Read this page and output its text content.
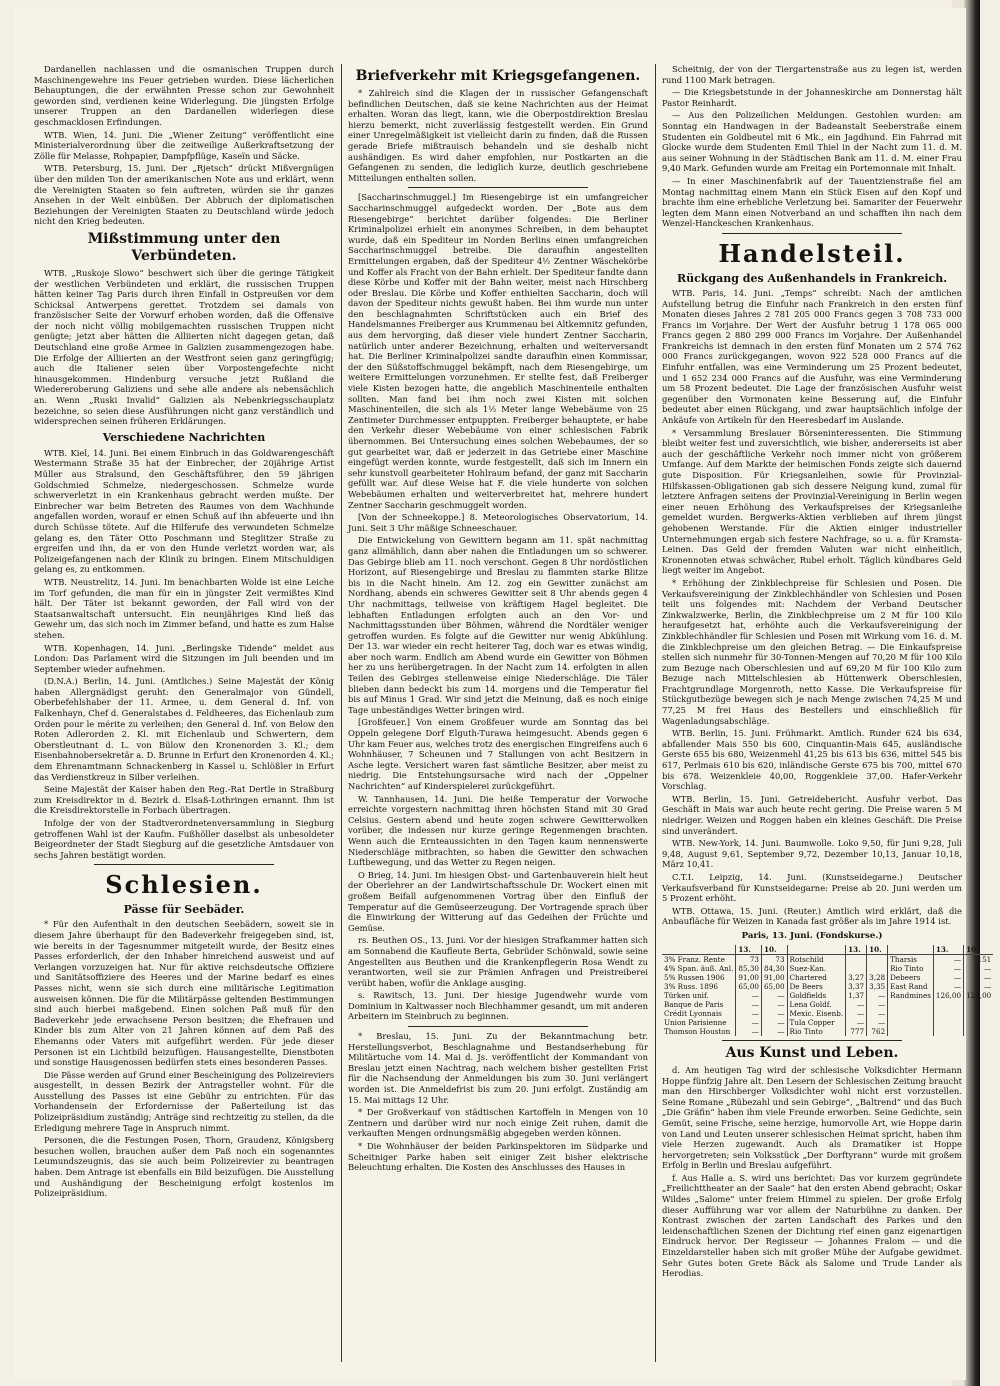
Dardanellen nachlassen und die osmanischen Truppen durch Maschinengewehre ins Feuer getrieben wurden. Diese lächerlichen Behauptungen, die der erwähnten Presse schon zur Gewohnheit geworden sind, verdienen keine Widerlegung. Die jüngsten Erfolge unserer Truppen an den Dardanellen widerlegen diese geschmacklosen Erfindungen.

WTB. Wien, 14. Juni. Die „Wiener Zeitung“ veröffentlicht eine Ministerialverordnung über die zeitweilige Außerkraftsetzung der Zölle für Melasse, Rohpapier, Dampfpflüge, Kaseïn und Säcke.

WTB. Petersburg, 15. Juni. Der „Rjetsch“ drückt Mißvergnügen über den milden Ton der amerikanischen Note aus und erklärt, wenn die Vereinigten Staaten so fein auftreten, würden sie ihr ganzes Ansehen in der Welt einbüßen. Der Abbruch der diplomatischen Beziehungen der Vereinigten Staaten zu Deutschland würde jedoch nicht den Krieg bedeuten.

Mißstimmung unter den Verbündeten.

WTB. „Ruskoje Slowo“ beschwert sich über die geringe Tätigkeit der westlichen Verbündeten und erklärt, die russischen Truppen hätten keiner Tag Paris durch ihren Einfall in Ostpreußen vor dem Schicksal Antwerpens gerettet. Trotzdem sei damals von französischer Seite der Vorwurf erhoben worden, daß die Offensive der noch nicht völlig mobilgemachten russischen Truppen nicht genügte; jetzt aber hätten die Alliierten nicht dagegen getan, daß Deutschland eine große Armee in Galizien zusammengezogen habe. Die Erfolge der Alliierten an der Westfront seien ganz geringfügig; auch die Italiener seien über Vorpostengefechte nicht hinausgekommen. Hindenburg versuche jetzt Rußland die Wiedereroberung Galiziens und sehe alle andere als nebensächlich an. Wenn „Ruski Invalid“ Galizien als Nebenkriegsschauplatz bezeichne, so seien diese Ausführungen nicht ganz verständlich und widersprechen seinen früheren Erklärungen.

Verschiedene Nachrichten

WTB. Kiel, 14. Juni. Bei einem Einbruch in das Goldwarengeschäft Westermann Straße 35 hat der Einbrecher, der 20jährige Artist Müller aus Stralsund, den Geschäftsführer, den 59 jährigen Goldschmied Schmelze, niedergeschossen. Schmelze wurde schwerverletzt in ein Krankenhaus gebracht werden mußte. Der Einbrecher war beim Betreten des Raumes von dem Wachhunde angefallen worden, worauf er einen Schuß auf ihn abfeuerte und ihn durch Schüsse tötete. Auf die Hilferufe des verwundeten Schmelze gelang es, den Täter Otto Poschmann und Steglitzer Straße zu ergreifen und ihn, da er von den Hunde verletzt worden war, als Polizeigefangenen nach der Klinik zu bringen. Einem Mitschuldigen gelang es, zu entkommen.

WTB. Neustrelitz, 14. Juni. Im benachbarten Wolde ist eine Leiche im Torf gefunden, die man für ein in jüngster Zeit vermißtes Kind hält. Der Täter ist bekannt geworden, der Fall wird von der Staatsanwaltschaft untersucht. Ein neunjähriges Kind ließ das Gewehr um, das sich noch im Zimmer befand, und hatte es zum Halse stehen.

WTB. Kopenhagen, 14. Juni. „Berlingske Tidende“ meldet aus London: Das Parlament wird die Sitzungen im Juli beenden und im September wieder aufnehmen.

(D.N.A.) Berlin, 14. Juni. (Amtliches.) Seine Majestät der König haben Allergnädigst geruht: den Generalmajor von Gündell, Oberbefehlshaber der 11. Armee, u. dem General d. Inf. von Falkenhayn, Chef d. Generalstabes d. Feldheeres, das Eichenlaub zum Orden pour le mérite zu verleihen; den General d. Inf. von Below den Roten Adlerorden 2. Kl. mit Eichenlaub und Schwertern, dem Oberstleutnant d. L. von Bülow den Kronenorden 3. Kl.; dem Eisenbahnobersekretär a. D. Brunne in Erfurt den Kronenorden 4. Kl.; dem Ehrenamtmann Schnackenberg in Kassel u. Schlößler in Erfurt das Verdienstkreuz in Silber verleihen.

Seine Majestät der Kaiser haben den Reg.-Rat Dertle in Straßburg zum Kreisdirektor in d. Bezirk d. Elsaß-Lothringen ernannt. Ihm ist die Kreisdirektorstelle in Forbach übertragen.

Infolge der von der Stadtverordnetenversammlung in Siegburg getroffenen Wahl ist der Kaufm. Fußhöller daselbst als unbesoldeter Beigeordneter der Stadt Siegburg auf die gesetzliche Amtsdauer von sechs Jahren bestätigt worden.

Schlesien.
Pässe für Seebäder.

* Für den Aufenthalt in den deutschen Seebädern, soweit sie in diesem Jahre überhaupt für den Badeverkehr freigegeben sind, ist, wie bereits in der Tagesnummer mitgeteilt wurde, der Besitz eines Passes erforderlich, der den Inhaber hinreichend ausweist und auf Verlangen vorzuzeigen hat. Nur für aktive reichsdeutsche Offiziere und Sanitätsoffiziere des Heeres und der Marine bedarf es eines Passes nicht, wenn sie sich durch eine militärische Legitimation ausweisen können. Die für die Militärpässe geltenden Bestimmungen sind auch hierbei maßgebend. Einen solchen Paß muß für den Badeverkehr jede erwachsene Person besitzen; die Ehefrauen und Kinder bis zum Alter von 21 Jahren können auf dem Paß des Ehemanns oder Vaters mit aufgeführt werden. Für jede dieser Personen ist ein Lichtbild beizufügen. Hausangestellte, Dienstboten und sonstige Hausgenossen bedürfen stets eines besonderen Passes.

Die Pässe werden auf Grund einer Bescheinigung des Polizeireviers ausgestellt, in dessen Bezirk der Antragsteller wohnt. Für die Ausstellung des Passes ist eine Gebühr zu entrichten. Für das Vorhandensein der Erfordernisse der Paßerteilung ist das Polizeipräsidium zuständig; Anträge sind rechtzeitig zu stellen, da die Erledigung mehrere Tage in Anspruch nimmt.

Personen, die die Festungen Posen, Thorn, Graudenz, Königsberg besuchen wollen, brauchen außer dem Paß noch ein sogenanntes Leumundszeugnis, das sie auch beim Polizeirevier zu beantragen haben. Dem Antrage ist ebenfalls ein Bild beizufügen. Die Ausstellung und Aushändigung der Bescheinigung erfolgt kostenlos im Polizeipräsidium.

Briefverkehr mit Kriegsgefangenen.

* Zahlreich sind die Klagen der in russischer Gefangenschaft befindlichen Deutschen, daß sie keine Nachrichten aus der Heimat erhalten. Woran das liegt, kann, wie die Oberpostdirektion Breslau hierzu bemerkt, nicht zuverlässig festgestellt werden. Ein Grund einer Unregelmäßigkeit ist vielleicht darin zu finden, daß die Russen gerade Briefe mißtrauisch behandeln und sie deshalb nicht aushändigen. Es wird daher empfohlen, nur Postkarten an die Gefangenen zu senden, die lediglich kurze, deutlich geschriebene Mitteilungen enthalten sollen.

[Saccharinschmuggel.] Im Riesengebirge ist ein umfangreicher Saccharinschmuggel aufgedeckt worden. Der „Bote aus dem Riesengebirge“ berichtet darüber folgendes: Die Berliner Kriminalpolizei erhielt ein anonymes Schreiben, in dem behauptet wurde, daß ein Spediteur im Norden Berlins einen umfangreichen Saccharinschmuggel betreibe. Die daraufhin angestellten Ermittelungen ergaben, daß der Spediteur 4½ Zentner Wäschekörbe und Koffer als Fracht von der Bahn erhielt. Der Spediteur fandte dann diese Körbe und Koffer mit der Bahn weiter, meist nach Hirschberg oder Breslau. Die Körbe und Koffer enthielten Saccharin, doch will davon der Spediteur nichts gewußt haben. Bei ihm wurde nun unter den beschlagnahmten Schriftstücken auch ein Brief des Handelsmannes Freiberger aus Krummenau bei Altkemnitz gefunden, aus dem hervorging, daß dieser viele hundert Zentner Saccharin, natürlich unter anderer Bezeichnung, erhalten und weiterversandt hat. Die Berliner Kriminalpolizei sandte daraufhin einen Kommissar, der den Süßstoffschmuggel bekämpft, nach dem Riesengebirge, um weitere Ermittelungen vorzunehmen. Er stellte fest, daß Freiberger viele Kisten bezogen hatte, die angeblich Maschinenteile enthalten sollten. Man fand bei ihm noch zwei Kisten mit solchen Maschinenteilen, die sich als 1½ Meter lange Webebäume von 25 Zentimeter Durchmesser entpuppten. Freiberger behauptete, er habe den Verkehr dieser Webebäume von einer schlesischen Fabrik übernommen. Bei Untersuchung eines solchen Webebaumes, der so gut gearbeitet war, daß er jederzeit in das Getriebe einer Maschine eingefügt werden konnte, wurde festgestellt, daß sich im Innern ein sehr kunstvoll gearbeiteter Hohlraum befand, der ganz mit Saccharin gefüllt war. Auf diese Weise hat F. die viele hunderte von solchen Webebäumen erhalten und weiterverbreitet hat, mehrere hundert Zentner Saccharin geschmuggelt worden.

[Von der Schneekoppe.] 8. Meteorologisches Observatorium, 14. Juni. Seit 3 Uhr mäßige Schneeschauer.

Die Entwickelung von Gewittern begann am 11. spät nachmittag ganz allmählich, dann aber nahen die Entladungen um so schwerer. Das Gebirge blieb am 11. noch verschont. Gegen 8 Uhr nordöstlichen Horizont, auf Riesengebirge und Breslau zu flammten starke Blitze bis in die Nacht hinein. Am 12. zog ein Gewitter zunächst am Nordhang, abends ein schweres Gewitter seit 8 Uhr abends gegen 4 Uhr nachmittags, teilweise von kräftigem Hagel begleitet. Die lebhaften Entladungen erfolgten auch an den Vor- und Nachmittagsstunden über Böhmen, während die Nordtäler weniger getroffen wurden. Es folgte auf die Gewitter nur wenig Abkühlung. Der 13. war wieder ein recht heiterer Tag, doch war es etwas windig, aber noch warm. Endlich am Abend wurde ein Gewitter von Böhmen her zu uns herübergetragen. In der Nacht zum 14. erfolgten in allen Teilen des Gebirges stellenweise einige Niederschläge. Die Täler blieben dann bedeckt bis zum 14. morgens und die Temperatur fiel bis auf Minus 1 Grad. Wir sind jetzt die Meinung, daß es noch einige Tage unbeständiges Wetter bringen wird.

[Großfeuer.] Von einem Großfeuer wurde am Sonntag das bei Oppeln gelegene Dorf Elguth-Turawa heimgesucht. Abends gegen 6 Uhr kam Feuer aus, welches trotz des energischen Eingreifens auch 6 Wohnhäuser, 7 Scheunen und 7 Stallungen von acht Besitzern in Asche legte. Versichert waren fast sämtliche Besitzer, aber meist zu niedrig. Die Entstehungsursache wird nach der „Oppelner Nachrichten“ auf Kinderspielerei zurückgeführt.

W. Tannhausen, 14. Juni. Die heiße Temperatur der Vorwoche erreichte vorgestern nachmittag ihren höchsten Stand mit 30 Grad Celsius. Gestern abend und heute zogen schwere Gewitterwolken vorüber, die indessen nur kurze geringe Regenmengen brachten. Wenn auch die Ernteaussichten in den Tagen kaum nennenswerte Niederschläge mitbrachten, so haben die Gewitter den schwachen Luftbewegung, und das Wetter zu Regen neigen.

O Brieg, 14. Juni. Im hiesigen Obst- und Gartenbauverein hielt heut der Oberlehrer an der Landwirtschaftsschule Dr. Wockert einen mit großem Beifall aufgenommenen Vortrag über den Einfluß der Temperatur auf die Gemüseerzeugung. Der Vortragende sprach über die Einwirkung der Witterung auf das Gedeihen der Früchte und Gemüse.

rs. Beuthen OS., 13. Juni. Vor der hiesigen Strafkammer hatten sich am Sonnabend die Kaufleute Berta, Gebrüder Schönwald, sowie seine Angestellten aus Beuthen und die Krankenpflegerin Rosa Wendt zu verantworten, weil sie zur Prämien Anfragen und Preistreiberei verübt haben, wofür die Anklage ausging.

s. Rawitsch, 13. Juni. Der hiesige Jugendwehr wurde vom Dominium in Kaltwasser noch Blechhammer gesandt, um mit anderen Arbeitern im Steinbruch zu beginnen.

* Breslau, 15. Juni. Zu der Bekanntmachung betr. Herstellungsverbot, Beschlagnahme und Bestandserhebung für Militärtuche vom 14. Mai d. Js. veröffentlicht der Kommandant von Breslau jetzt einen Nachtrag, nach welchem bisher gestellten Frist für die Nachsendung der Anmeldungen bis zum 30. Juni verlängert worden ist. Die Anmeldefrist bis zum 20. Juni erfolgt. Zuständig am 15. Mai mittags 12 Uhr.

* Der Großverkauf von städtischen Kartoffeln in Mengen von 10 Zentnern und darüber wird nur noch einige Zeit ruhen, damit die verkauften Mengen ordnungsmäßig abgegeben werden können.

* Die Wohnhäuser der beiden Parkinspektoren im Südparke und Scheitniger Parke haben seit einiger Zeit bisher elektrische Beleuchtung erhalten. Die Kosten des Anschlusses des Hauses in

Scheitnig, der von der Tiergartenstraße aus zu legen ist, werden rund 1100 Mark betragen.

— Die Kriegsbetstunde in der Johanneskirche am Donnerstag hält Pastor Reinhardt.

— Aus den Polizeilichen Meldungen. Gestohlen wurden: am Sonntag ein Handwagen in der Badeanstalt Seeberstraße einem Studenten ein Goldbeutel mit 6 Mk., ein Jagdhund. Ein Fahrrad mit Glocke wurde dem Studenten Emil Thiel in der Nacht zum 11. d. M. aus seiner Wohnung in der Städtischen Bank am 11. d. M. einer Frau 9,40 Mark. Gefunden wurde am Freitag ein Portemonnaie mit Inhalt.

— In einer Maschinenfabrik auf der Tauentzienstraße fiel am Montag nachmittag einem Mann ein Stück Eisen auf den Kopf und brachte ihm eine erhebliche Verletzung bei. Samariter der Feuerwehr legten dem Mann einen Notverband an und schafften ihn nach dem Wenzel-Hanckeschen Krankenhaus.

Handelsteil.
Rückgang des Außenhandels in Frankreich.

WTB. Paris, 14. Juni. „Temps“ schreibt: Nach der amtlichen Aufstellung betrug die Einfuhr nach Frankreich in den ersten fünf Monaten dieses Jahres 2 781 205 000 Francs gegen 3 708 733 000 Francs im Vorjahre. Der Wert der Ausfuhr betrug 1 178 065 000 Francs gegen 2 880 299 000 Francs im Vorjahre. Der Außenhandel Frankreichs ist demnach in den ersten fünf Monaten um 2 574 762 000 Francs zurückgegangen, wovon 922 528 000 Francs auf die Einfuhr entfallen, was eine Verminderung um 25 Prozent bedeutet, und 1 652 234 000 Francs auf die Ausfuhr, was eine Verminderung um 58 Prozent bedeutet. Die Lage der französischen Ausfuhr weist gegenüber den Vormonaten keine Besserung auf, die Einfuhr bedeutet aber einen Rückgang, und zwar hauptsächlich infolge der Ankäufe von Artikeln für den Heeresbedarf im Auslande.

* Versammlung Breslauer Börseninteressenten. Die Stimmung bleibt weiter fest und zuversichtlich, wie bisher, andererseits ist aber auch der geschäftliche Verkehr noch immer nicht von größerem Umfange. Auf dem Markte der heimischen Fonds zeigte sich dauernd gute Disposition. Für Kriegsanleihen, sowie für Provinzial-Hilfskassen-Obligationen gab sich dessere Neigung kund, zumal für letztere Anfragen seitens der Provinzial-Vereinigung in Berlin wegen einer neuen Erhöhung des Verkaufspreises der Kriegsanleihe gemeldet wurden. Bergwerks-Aktien verblieben auf ihrem jüngst gehobenen Werstande. Für die Aktien einiger industrieller Unternehmungen ergab sich festere Nachfrage, so u. a. für Kramsta-Leinen. Das Geld der fremden Valuten war nicht einheitlich, Kronennoten etwas schwächer, Rubel erholt. Täglich kündbares Geld liegt weiter im Angebot.

* Erhöhung der Zinkblechpreise für Schlesien und Posen. Die Verkaufsvereinigung der Zinkblechhändler von Schlesien und Posen teilt uns folgendes mit: Nachdem der Verband Deutscher Zinkwalzwerke, Berlin, die Zinkblechpreise um 2 M für 100 Kilo heraufgesetzt hat, erhöhte auch die Verkaufsvereinigung der Zinkblechhändler für Schlesien und Posen mit Wirkung vom 16. d. M. die Zinkblechpreise um den gleichen Betrag. — Die Einkaufspreise stellen sich nunmehr für 30-Tonnen-Mengen auf 70,20 M für 100 Kilo zum Bezuge nach Oberschlesien und auf 69,20 M für 100 Kilo zum Bezuge nach Mittelschlesien ab Hüttenwerk Oberschlesien, Frachtgrundlage Morgenroth, netto Kasse. Die Verkaufspreise für Stückgutbezüge bewegen sich je nach Menge zwischen 74,25 M und 77,25 M frei Haus des Bestellers und einschließlich für Wagenladungsabschläge.

WTB. Berlin, 15. Juni. Frühmarkt. Amtlich. Runder 624 bis 634, abfallender Mais 550 bis 600, Cinquantin-Mais 645, ausländische Gerste 655 bis 680, Weizenmehl 41,25 bis 613 bis 636, mittel 545 bis 617, Perlmais 610 bis 620, inländische Gerste 675 bis 700, mittel 670 bis 678. Weizenkleie 40,00, Roggenkleie 37,00. Hafer-Verkehr Vorschlag.

WTB. Berlin, 15. Juni. Getreidebericht. Ausfuhr verbot. Das Geschäft in Mais war auch heute recht gering. Die Preise waren 5 M niedriger. Weizen und Roggen haben ein kleines Geschäft. Die Preise sind unverändert.

WTB. New-York, 14. Juni. Baumwolle. Loko 9,50, für Juni 9,28, Juli 9,48, August 9,61, September 9,72, Dezember 10,13, Januar 10,18, März 10,41.

C.T.I. Leipzig, 14. Juni. (Kunstseidegarne.) Deutscher Verkaufsverband für Kunstseidegarne: Preise ab 20. Juni werden um 5 Prozent erhöht.

WTB. Ottawa, 15. Juni. (Reuter.) Amtlich wird erklärt, daß die Anbaufläche für Weizen in Kanada fast größer als im Jahre 1914 ist.

Paris, 13. Juni. (Fondskurse.)
	13.	10.		13.	10.		13.	10.
3% Franz. Rente	73	73	Rotschild			Tharsis	—	151
4% Span. äuß. Anl.	85,30	84,30	Suez-Kan.			Rio Tinto	—	—
5% Russen 1906	91,00	91,00	Chartered	3,27	3,28	Debeers	—	—
3% Russ. 1896	65,00	65,00	De Beers	3,37	3,35	East Rand	—	—
Türken unif.	—	—	Goldfields	1,37	—	Randmines	126,00	126,00
Banque de Paris	—	—	Lena Goldf.	—	—			
Crédit Lyonnais	—	—	Mexic. Eisenb.	—	—			
Union Parisienne	—	—	Tula Copper	—	—			
Thomson Houston	—	—	Rio Tinto	777	762			
Aus Kunst und Leben.

d. Am heutigen Tag wird der schlesische Volksdichter Hermann Hoppe fünfzig Jahre alt. Den Lesern der Schlesischen Zeitung braucht man den Hirschberger Volksdichter wohl nicht erst vorzustellen. Seine Romane „Rübezahl und sein Gebirge“, „Baltrend“ und das Buch „Die Gräfin“ haben ihm viele Freunde erworben. Seine Gedichte, sein Gemüt, seine Frische, seine herzige, humorvolle Art, wie Hoppe darin von Land und Leuten unserer schlesischen Heimat spricht, haben ihm viele Herzen zugewandt. Auch als Dramatiker ist Hoppe hervorgetreten; sein Volksstück „Der Dorftyrann“ wurde mit großem Erfolg in Berlin und Breslau aufgeführt.

f. Aus Halle a. S. wird uns berichtet: Das vor kurzem gegründete „Freilichttheater an der Saale“ hat den ersten Abend gebracht; Oskar Wildes „Salome“ unter freiem Himmel zu spielen. Der große Erfolg dieser Aufführung war vor allem der Naturbühne zu danken. Der Kontrast zwischen der zarten Landschaft des Parkes und den leidenschaftlichen Szenen der Dichtung rief einen ganz eigenartigen Eindruck hervor. Der Regisseur — Johannes Fralom — und die Einzeldarsteller haben sich mit großer Mühe der Aufgabe gewidmet. Sehr Gutes boten Grete Bäck als Salome und Trude Lander als Herodias.
